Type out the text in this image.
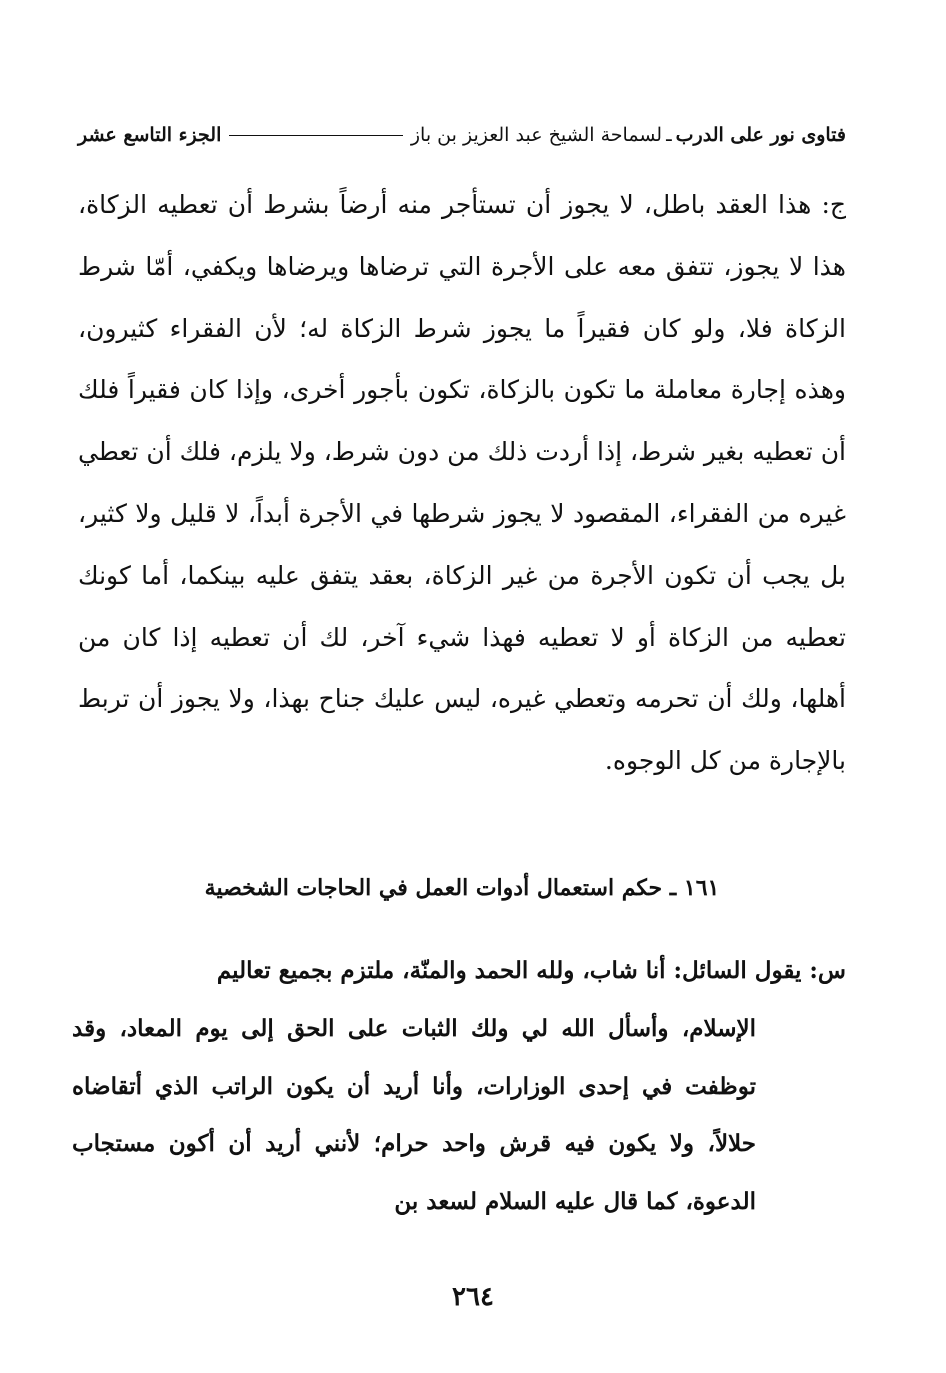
فتاوى نور على الدرب
ـ
لسماحة الشيخ عبد العزيز بن باز
الجزء التاسع عشر
ج: هذا العقد باطل، لا يجوز أن تستأجر منه أرضاً بشرط أن تعطيه الزكاة، هذا لا يجوز، تتفق معه على الأجرة التي ترضاها ويرضاها ويكفي، أمّا شرط الزكاة فلا، ولو كان فقيراً ما يجوز شرط الزكاة له؛ لأن الفقراء كثيرون، وهذه إجارة معاملة ما تكون بالزكاة، تكون بأجور أخرى، وإذا كان فقيراً فلك أن تعطيه بغير شرط، إذا أردت ذلك من دون شرط، ولا يلزم، فلك أن تعطي غيره من الفقراء، المقصود لا يجوز شرطها في الأجرة أبداً، لا قليل ولا كثير، بل يجب أن تكون الأجرة من غير الزكاة، بعقد يتفق عليه بينكما، أما كونك تعطيه من الزكاة أو لا تعطيه فهذا شيء آخر، لك أن تعطيه إذا كان من أهلها، ولك أن تحرمه وتعطي غيره، ليس عليك جناح بهذا، ولا يجوز أن تربط بالإجارة من كل الوجوه.
١٦١ ـ حكم استعمال أدوات العمل في الحاجات الشخصية
س: يقول السائل: أنا شاب، ولله الحمد والمنّة، ملتزم بجميع تعاليم
الإسلام، وأسأل الله لي ولك الثبات على الحق إلى يوم المعاد، وقد توظفت في إحدى الوزارات، وأنا أريد أن يكون الراتب الذي أتقاضاه حلالاً، ولا يكون فيه قرش واحد حرام؛ لأنني أريد أن أكون مستجاب الدعوة، كما قال عليه السلام لسعد بن
٢٦٤
